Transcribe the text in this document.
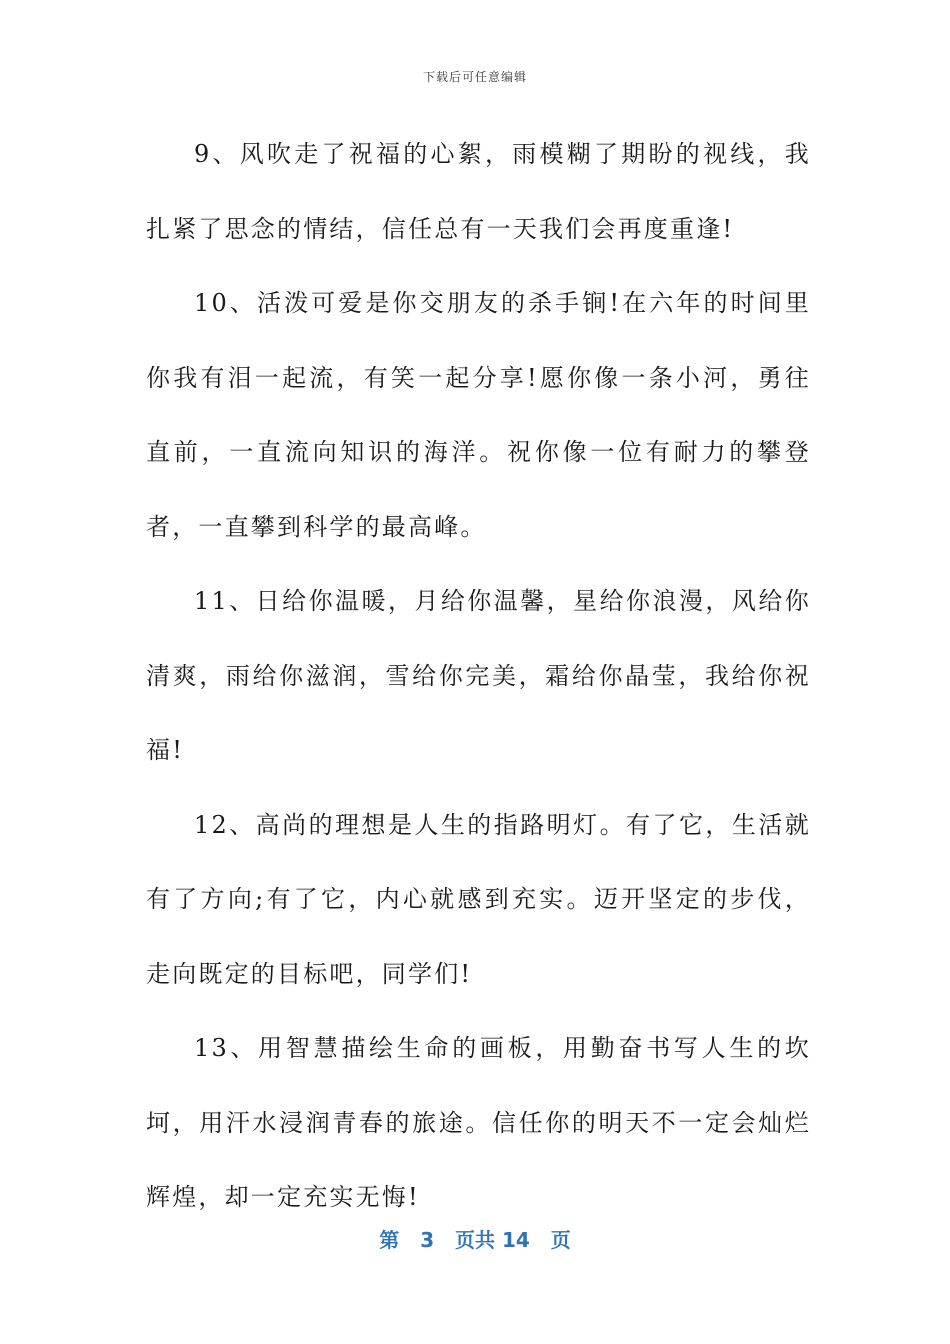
下载后可任意编辑

9、风吹走了祝福的心絮，雨模糊了期盼的视线，我扎紧了思念的情结，信任总有一天我们会再度重逢!

10、活泼可爱是你交朋友的杀手锏!在六年的时间里你我有泪一起流，有笑一起分享!愿你像一条小河，勇往直前，一直流向知识的海洋。祝你像一位有耐力的攀登者，一直攀到科学的最高峰。

11、日给你温暖，月给你温馨，星给你浪漫，风给你清爽，雨给你滋润，雪给你完美，霜给你晶莹，我给你祝福!

12、高尚的理想是人生的指路明灯。有了它，生活就有了方向;有了它，内心就感到充实。迈开坚定的步伐，走向既定的目标吧，同学们!

13、用智慧描绘生命的画板，用勤奋书写人生的坎坷，用汗水浸润青春的旅途。信任你的明天不一定会灿烂辉煌，却一定充实无悔!

第 3 页共 14 页
